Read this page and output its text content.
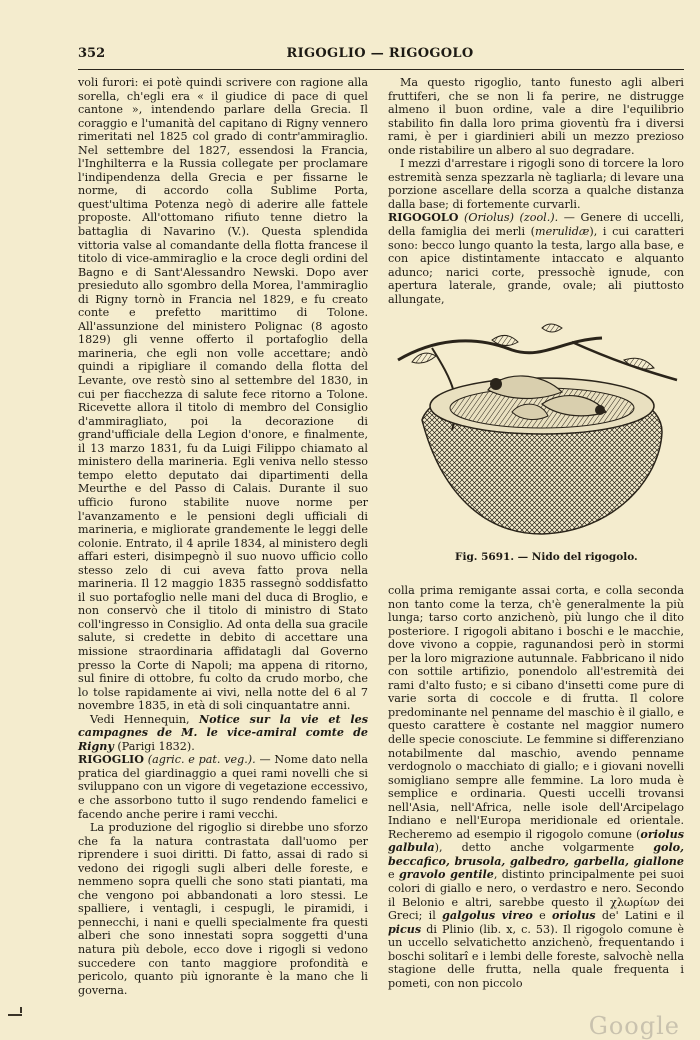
352	RIGOGLIO — RIGOGOLO

voli furori: ei potè quindi scrivere con ragione alla sorella, ch'egli era « il giudice di pace di quel cantone », intendendo parlare della Grecia. Il coraggio e l'umanità del capitano di Rigny vennero rimeritati nel 1825 col grado di contr'ammiraglio. Nel settembre del 1827, essendosi la Francia, l'Inghilterra e la Russia collegate per proclamare l'indipendenza della Grecia e per fissarne le norme, di accordo colla Sublime Porta, quest'ultima Potenza negò di aderire alle fattele proposte. All'ottomano rifiuto tenne dietro la battaglia di Navarino (V.). Questa splendida vittoria valse al comandante della flotta francese il titolo di vice-ammiraglio e la croce degli ordini del Bagno e di Sant'Alessandro Newski. Dopo aver presieduto allo sgombro della Morea, l'ammiraglio di Rigny tornò in Francia nel 1829, e fu creato conte e prefetto marittimo di Tolone. All'assunzione del ministero Polignac (8 agosto 1829) gli venne offerto il portafoglio della marineria, che egli non volle accettare; andò quindi a ripigliare il comando della flotta del Levante, ove restò sino al settembre del 1830, in cui per fiacchezza di salute fece ritorno a Tolone. Ricevette allora il titolo di membro del Consiglio d'ammiragliato, poi la decorazione di grand'ufficiale della Legion d'onore, e finalmente, il 13 marzo 1831, fu da Luigi Filippo chiamato al ministero della marineria. Egli veniva nello stesso tempo eletto deputato dai dipartimenti della Meurthe e del Passo di Calais. Durante il suo ufficio furono stabilite nuove norme per l'avanzamento e le pensioni degli ufficiali di marineria, e migliorate grandemente le leggi delle colonie. Entrato, il 4 aprile 1834, al ministero degli affari esteri, disimpegnò il suo nuovo ufficio collo stesso zelo di cui aveva fatto prova nella marineria. Il 12 maggio 1835 rassegnò soddisfatto il suo portafoglio nelle mani del duca di Broglio, e non conservò che il titolo di ministro di Stato coll'ingresso in Consiglio. Ad onta della sua gracile salute, si credette in debito di accettare una missione straordinaria affidatagli dal Governo presso la Corte di Napoli; ma appena di ritorno, sul finire di ottobre, fu colto da crudo morbo, che lo tolse rapidamente ai vivi, nella notte del 6 al 7 novembre 1835, in età di soli cinquantatre anni.

Vedi Hennequin, Notice sur la vie et les campagnes de M. le vice-amiral comte de Rigny (Parigi 1832).

RIGOGLIO (agric. e pat. veg.). — Nome dato nella pratica del giardinaggio a quei rami novelli che si sviluppano con un vigore di vegetazione eccessivo, e che assorbono tutto il sugo rendendo famelici e facendo anche perire i rami vecchi.

La produzione del rigoglio si direbbe uno sforzo che fa la natura contrastata dall'uomo per riprendere i suoi diritti. Di fatto, assai di rado si vedono dei rigogli sugli alberi delle foreste, e nemmeno sopra quelli che sono stati piantati, ma che vengono poi abbandonati a loro stessi. Le spalliere, i ventagli, i cespugli, le piramidi, i pennecchi, i nani e quelli specialmente fra questi alberi che sono innestati sopra soggetti d'una natura più debole, ecco dove i rigogli si vedono succedere con tanto maggiore profondità e pericolo, quanto più ignorante è la mano che li governa.

Ma questo rigoglio, tanto funesto agli alberi fruttiferi, che se non li fa perire, ne distrugge almeno il buon ordine, vale a dire l'equilibrio stabilito fin dalla loro prima gioventù fra i diversi rami, è per i giardinieri abili un mezzo prezioso onde ristabilire un albero al suo degradare.

I mezzi d'arrestare i rigogli sono di torcere la loro estremità senza spezzarla nè tagliarla; di levare una porzione ascellare della scorza a qualche distanza dalla base; di fortemente curvarli.

RIGOGOLO (Oriolus) (zool.). — Genere di uccelli, della famiglia dei merli (merulidæ), i cui caratteri sono: becco lungo quanto la testa, largo alla base, e con apice distintamente intaccato e alquanto adunco; narici corte, pressochè ignude, con apertura laterale, grande, ovale; ali piuttosto allungate,

Fig. 5691. — Nido del rigogolo.

colla prima remigante assai corta, e colla seconda non tanto come la terza, ch'è generalmente la più lunga; tarso corto anzichenò, più lungo che il dito posteriore. I rigogoli abitano i boschi e le macchie, dove vivono a coppie, ragunandosi però in stormi per la loro migrazione autunnale. Fabbricano il nido con sottile artifizio, ponendolo all'estremità dei rami d'alto fusto; e si cibano d'insetti come pure di varie sorta di coccole e di frutta. Il colore predominante nel penname del maschio è il giallo, e questo carattere è costante nel maggior numero delle specie conosciute. Le femmine si differenziano notabilmente dal maschio, avendo penname verdognolo o macchiato di giallo; e i giovani novelli somigliano sempre alle femmine. La loro muda è semplice e ordinaria. Questi uccelli trovansi nell'Asia, nell'Africa, nelle isole dell'Arcipelago Indiano e nell'Europa meridionale ed orientale. Recheremo ad esempio il rigogolo comune (oriolus galbula), detto anche volgarmente golo, beccafico, brusola, galbedro, garbella, giallone e gravolo gentile, distinto principalmente pei suoi colori di giallo e nero, o verdastro e nero. Secondo il Belonio e altri, sarebbe questo il χλωρίων dei Greci; il galgolus vireo e oriolus de' Latini e il picus di Plinio (lib. x, c. 53). Il rigogolo comune è un uccello selvatichetto anzichenò, frequentando i boschi solitarî e i lembi delle foreste, salvochè nella stagione delle frutta, nella quale frequenta i pometi, con non piccolo

Google
